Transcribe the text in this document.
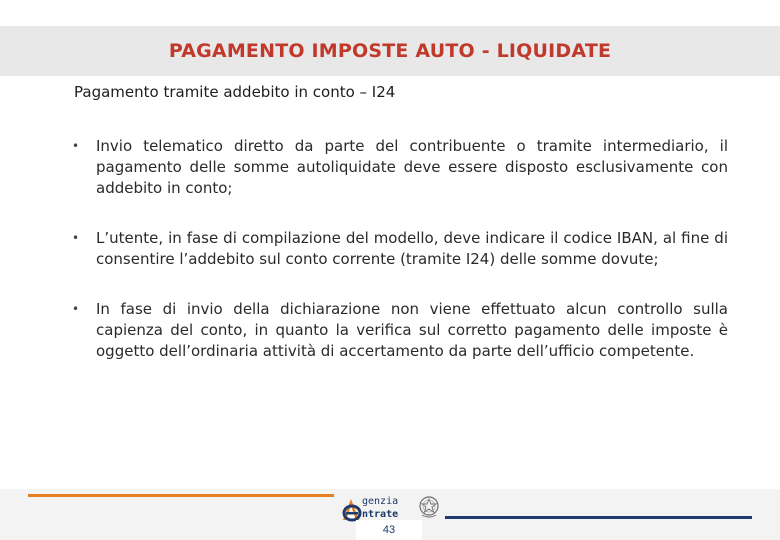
PAGAMENTO IMPOSTE AUTO - LIQUIDATE
Pagamento tramite addebito in conto – I24
• Invio telematico diretto da parte del contribuente o tramite intermediario, il pagamento delle somme autoliquidate deve essere disposto esclusivamente con addebito in conto;
• L’utente, in fase di compilazione del modello, deve indicare il codice IBAN, al fine di consentire l’addebito sul conto corrente (tramite I24) delle somme dovute;
• In fase di invio della dichiarazione non viene effettuato alcun controllo sulla capienza del conto, in quanto la verifica sul corretto pagamento delle imposte è oggetto dell’ordinaria attività di accertamento da parte dell’ufficio competente.
genzia
ntrate
43
